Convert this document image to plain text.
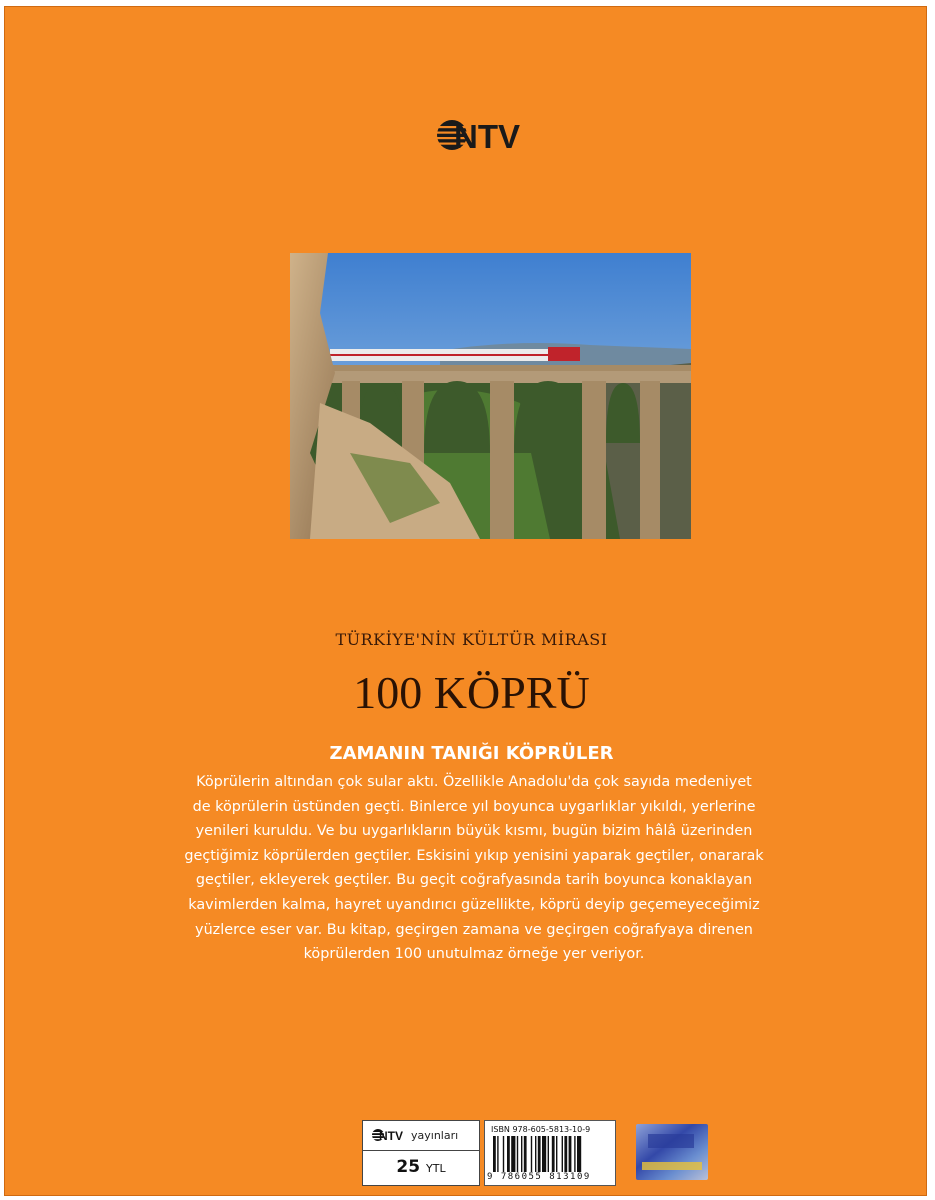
NTV
TÜRKİYE'NİN KÜLTÜR MİRASI
100 KÖPRÜ
ZAMANIN TANIĞI KÖPRÜLER
Köprülerin altından çok sular aktı. Özellikle Anadolu'da çok sayıda medeniyet
de köprülerin üstünden geçti. Binlerce yıl boyunca uygarlıklar yıkıldı, yerlerine
yenileri kuruldu. Ve bu uygarlıkların büyük kısmı, bugün bizim hâlâ üzerinden
geçtiğimiz köprülerden geçtiler. Eskisini yıkıp yenisini yaparak geçtiler, onararak
geçtiler, ekleyerek geçtiler. Bu geçit coğrafyasında tarih boyunca konaklayan
kavimlerden kalma, hayret uyandırıcı güzellikte, köprü deyip geçemeyeceğimiz
yüzlerce eser var. Bu kitap, geçirgen zamana ve geçirgen coğrafyaya direnen
köprülerden 100 unutulmaz örneğe yer veriyor.
NTV yayınları
25 YTL
ISBN 978-605-5813-10-9
9 786055 813109
